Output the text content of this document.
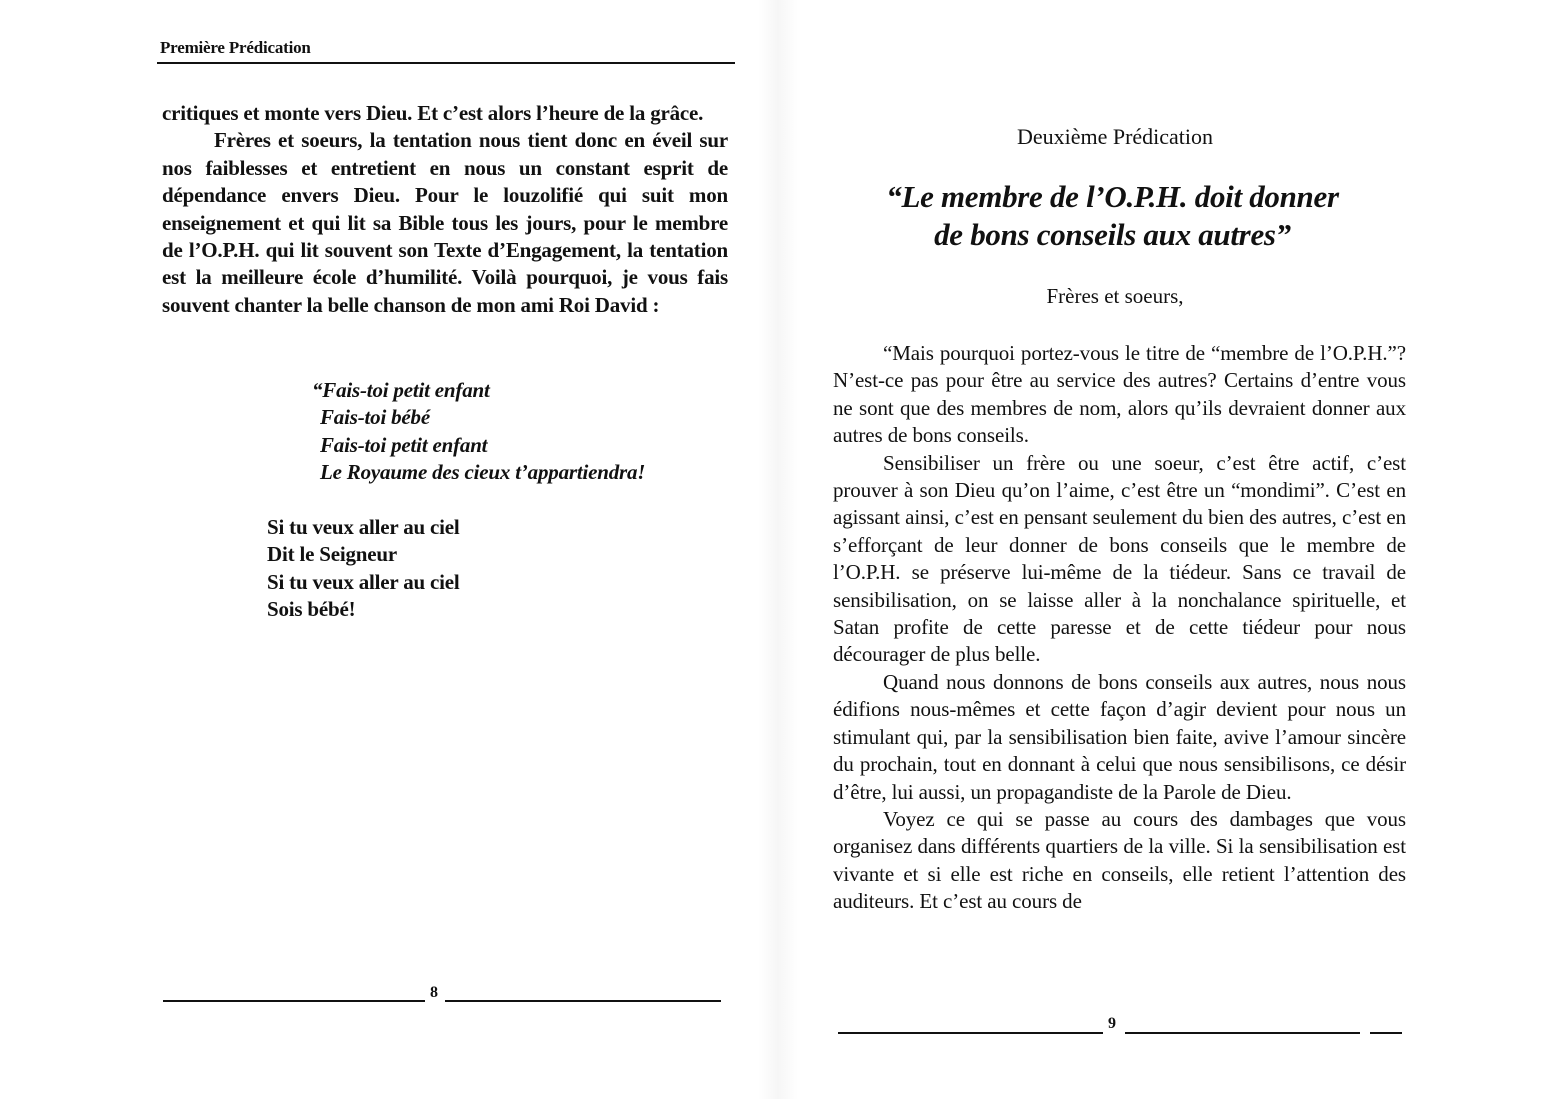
Première Prédication

critiques et monte vers Dieu. Et c’est alors l’heure de la grâce.

Frères et soeurs, la tentation nous tient donc en éveil sur nos faiblesses et entretient en nous un constant esprit de dépendance envers Dieu. Pour le louzolifié qui suit mon enseignement et qui lit sa Bible tous les jours, pour le membre de l’O.P.H. qui lit souvent son Texte d’Engagement, la tentation est la meilleure école d’humilité. Voilà pourquoi, je vous fais souvent chanter la belle chanson de mon ami Roi David :

“Fais-toi petit enfant
Fais-toi bébé
Fais-toi petit enfant
Le Royaume des cieux t’appartiendra!
Si tu veux aller au ciel
Dit le Seigneur
Si tu veux aller au ciel
Sois bébé!
8
Deuxième Prédication
“Le membre de l’O.P.H. doit donner
de bons conseils aux autres”
Frères et soeurs,

“Mais pourquoi portez-vous le titre de “membre de l’O.P.H.”? N’est-ce pas pour être au service des autres? Certains d’entre vous ne sont que des membres de nom, alors qu’ils devraient donner aux autres de bons conseils.

Sensibiliser un frère ou une soeur, c’est être actif, c’est prouver à son Dieu qu’on l’aime, c’est être un “mondimi”. C’est en agissant ainsi, c’est en pensant seulement du bien des autres, c’est en s’efforçant de leur donner de bons conseils que le membre de l’O.P.H. se préserve lui-même de la tiédeur. Sans ce travail de sensibilisation, on se laisse aller à la nonchalance spirituelle, et Satan profite de cette paresse et de cette tiédeur pour nous décourager de plus belle.

Quand nous donnons de bons conseils aux autres, nous nous édifions nous-mêmes et cette façon d’agir devient pour nous un stimulant qui, par la sensibilisation bien faite, avive l’amour sincère du prochain, tout en donnant à celui que nous sensibilisons, ce désir d’être, lui aussi, un propagandiste de la Parole de Dieu.

Voyez ce qui se passe au cours des dambages que vous organisez dans différents quartiers de la ville. Si la sensibilisation est vivante et si elle est riche en conseils, elle retient l’attention des auditeurs. Et c’est au cours de

9
